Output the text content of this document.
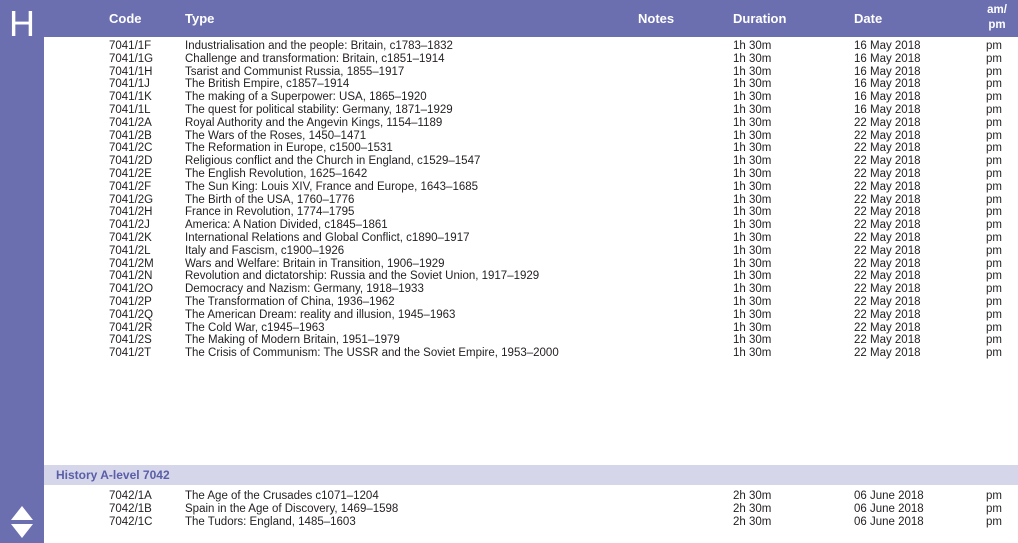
H	Code	Type	Notes	Duration	Date
am/ pm
7041/1F	Industrialisation and the people: Britain, c1783–1832	1h 30m	16 May 2018	pm
7041/1G	Challenge and transformation: Britain, c1851–1914	1h 30m	16 May 2018	pm
7041/1H	Tsarist and Communist Russia, 1855–1917	1h 30m	16 May 2018	pm
7041/1J	The British Empire, c1857–1914	1h 30m	16 May 2018	pm
7041/1K	The making of a Superpower: USA, 1865–1920	1h 30m	16 May 2018	pm
7041/1L	The quest for political stability: Germany, 1871–1929	1h 30m	16 May 2018	pm
7041/2A	Royal Authority and the Angevin Kings, 1154–1189	1h 30m	22 May 2018	pm
7041/2B	The Wars of the Roses, 1450–1471	1h 30m	22 May 2018	pm
7041/2C	The Reformation in Europe, c1500–1531	1h 30m	22 May 2018	pm
7041/2D	Religious conflict and the Church in England, c1529–1547	1h 30m	22 May 2018	pm
7041/2E	The English Revolution, 1625–1642	1h 30m	22 May 2018	pm
7041/2F	The Sun King: Louis XIV, France and Europe, 1643–1685	1h 30m	22 May 2018	pm
7041/2G	The Birth of the USA, 1760–1776	1h 30m	22 May 2018	pm
7041/2H	France in Revolution, 1774–1795	1h 30m	22 May 2018	pm
7041/2J	America: A Nation Divided, c1845–1861	1h 30m	22 May 2018	pm
7041/2K	International Relations and Global Conflict, c1890–1917	1h 30m	22 May 2018	pm
7041/2L	Italy and Fascism, c1900–1926	1h 30m	22 May 2018	pm
7041/2M	Wars and Welfare: Britain in Transition, 1906–1929	1h 30m	22 May 2018	pm
7041/2N	Revolution and dictatorship: Russia and the Soviet Union, 1917–1929	1h 30m	22 May 2018	pm
7041/2O	Democracy and Nazism: Germany, 1918–1933	1h 30m	22 May 2018	pm
7041/2P	The Transformation of China, 1936–1962	1h 30m	22 May 2018	pm
7041/2Q	The American Dream: reality and illusion, 1945–1963	1h 30m	22 May 2018	pm
7041/2R	The Cold War, c1945–1963	1h 30m	22 May 2018	pm
7041/2S	The Making of Modern Britain, 1951–1979	1h 30m	22 May 2018	pm
7041/2T	The Crisis of Communism: The USSR and the Soviet Empire, 1953–2000	1h 30m	22 May 2018	pm
History A-level 7042
7042/1A	The Age of the Crusades c1071–1204	2h 30m	06 June 2018	pm
7042/1B	Spain in the Age of Discovery, 1469–1598	2h 30m	06 June 2018	pm
7042/1C	The Tudors: England, 1485–1603	2h 30m	06 June 2018	pm
